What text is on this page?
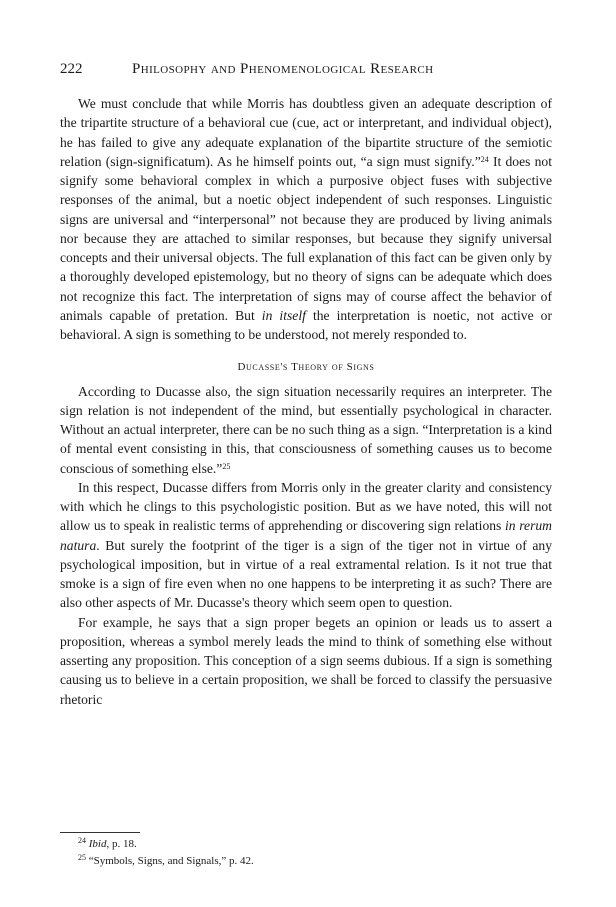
222	Philosophy and Phenomenological Research

We must conclude that while Morris has doubtless given an adequate description of the tripartite structure of a behavioral cue (cue, act or interpretant, and individual object), he has failed to give any adequate explanation of the bipartite structure of the semiotic relation (sign-significatum). As he himself points out, “a sign must signify.”$^{24}$ It does not signify some behavioral complex in which a purposive object fuses with subjective responses of the animal, but a noetic object independent of such responses. Linguistic signs are universal and “interpersonal” not because they are produced by living animals nor because they are attached to similar responses, but because they signify universal concepts and their universal objects. The full explanation of this fact can be given only by a thoroughly developed epistemology, but no theory of signs can be adequate which does not recognize this fact. The interpretation of signs may of course affect the behavior of animals capable of pretation. But in itself the interpretation is noetic, not active or behavioral. A sign is something to be understood, not merely responded to.

Ducasse's Theory of Signs

According to Ducasse also, the sign situation necessarily requires an interpreter. The sign relation is not independent of the mind, but essentially psychological in character. Without an actual interpreter, there can be no such thing as a sign. “Interpretation is a kind of mental event consisting in this, that consciousness of something causes us to become conscious of something else.”$^{25}$

In this respect, Ducasse differs from Morris only in the greater clarity and consistency with which he clings to this psychologistic position. But as we have noted, this will not allow us to speak in realistic terms of apprehending or discovering sign relations in rerum natura. But surely the footprint of the tiger is a sign of the tiger not in virtue of any psychological imposition, but in virtue of a real extramental relation. Is it not true that smoke is a sign of fire even when no one happens to be interpreting it as such? There are also other aspects of Mr. Ducasse's theory which seem open to question.

For example, he says that a sign proper begets an opinion or leads us to assert a proposition, whereas a symbol merely leads the mind to think of something else without asserting any proposition. This conception of a sign seems dubious. If a sign is something causing us to believe in a certain proposition, we shall be forced to classify the persuasive rhetoric

$^{24}$ Ibid, p. 18.
$^{25}$ “Symbols, Signs, and Signals,” p. 42.
